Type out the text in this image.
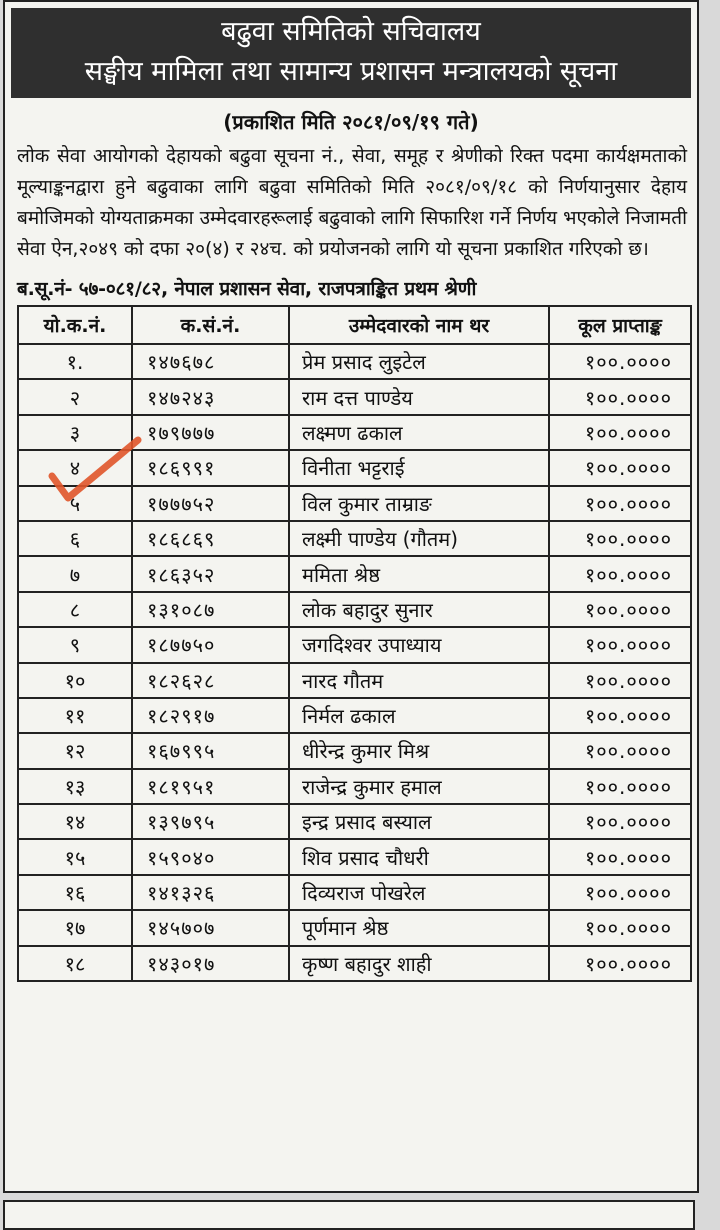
बढुवा समितिको सचिवालय
सङ्घीय मामिला तथा सामान्य प्रशासन मन्त्रालयको सूचना
(प्रकाशित मिति २०८१/०९/१९ गते)
लोक सेवा आयोगको देहायको बढुवा सूचना नं., सेवा, समूह र श्रेणीको रिक्त पदमा कार्यक्षमताको मूल्याङ्कनद्वारा हुने बढुवाका लागि बढुवा समितिको मिति २०८१/०९/१८ को निर्णयानुसार देहाय बमोजिमको योग्यताक्रमका उम्मेदवारहरूलाई बढुवाको लागि सिफारिश गर्ने निर्णय भएकोले निजामती सेवा ऐन,२०४९ को दफा २०(४) र २४च. को प्रयोजनको लागि यो सूचना प्रकाशित गरिएको छ।
ब.सू.नं- ५७-०८१/८२, नेपाल प्रशासन सेवा, राजपत्राङ्कित प्रथम श्रेणी
यो.क.नं.	क.सं.नं.	उम्मेदवारको नाम थर	कूल प्राप्ताङ्क
१.	१४७६७८	प्रेम प्रसाद लुइटेल	१००.००००
२	१४७२४३	राम दत्त पाण्डेय	१००.००००
३	१७९७७७	लक्ष्मण ढकाल	१००.००००
४	१८६९९१	विनीता भट्टराई	१००.००००
५	१७७७५२	विल कुमार ताम्राङ	१००.००००
६	१८६८६९	लक्ष्मी पाण्डेय (गौतम)	१००.००००
७	१८६३५२	ममिता श्रेष्ठ	१००.००००
८	१३१०८७	लोक बहादुर सुनार	१००.००००
९	१८७७५०	जगदिश्वर उपाध्याय	१००.००००
१०	१८२६२८	नारद गौतम	१००.००००
११	१८२९१७	निर्मल ढकाल	१००.००००
१२	१६७९९५	धीरेन्द्र कुमार मिश्र	१००.००००
१३	१८१९५१	राजेन्द्र कुमार हमाल	१००.००००
१४	१३९७९५	इन्द्र प्रसाद बस्याल	१००.००००
१५	१५९०४०	शिव प्रसाद चौधरी	१००.००००
१६	१४१३२६	दिव्यराज पोखरेल	१००.००००
१७	१४५७०७	पूर्णमान श्रेष्ठ	१००.००००
१८	१४३०१७	कृष्ण बहादुर शाही	१००.००००
